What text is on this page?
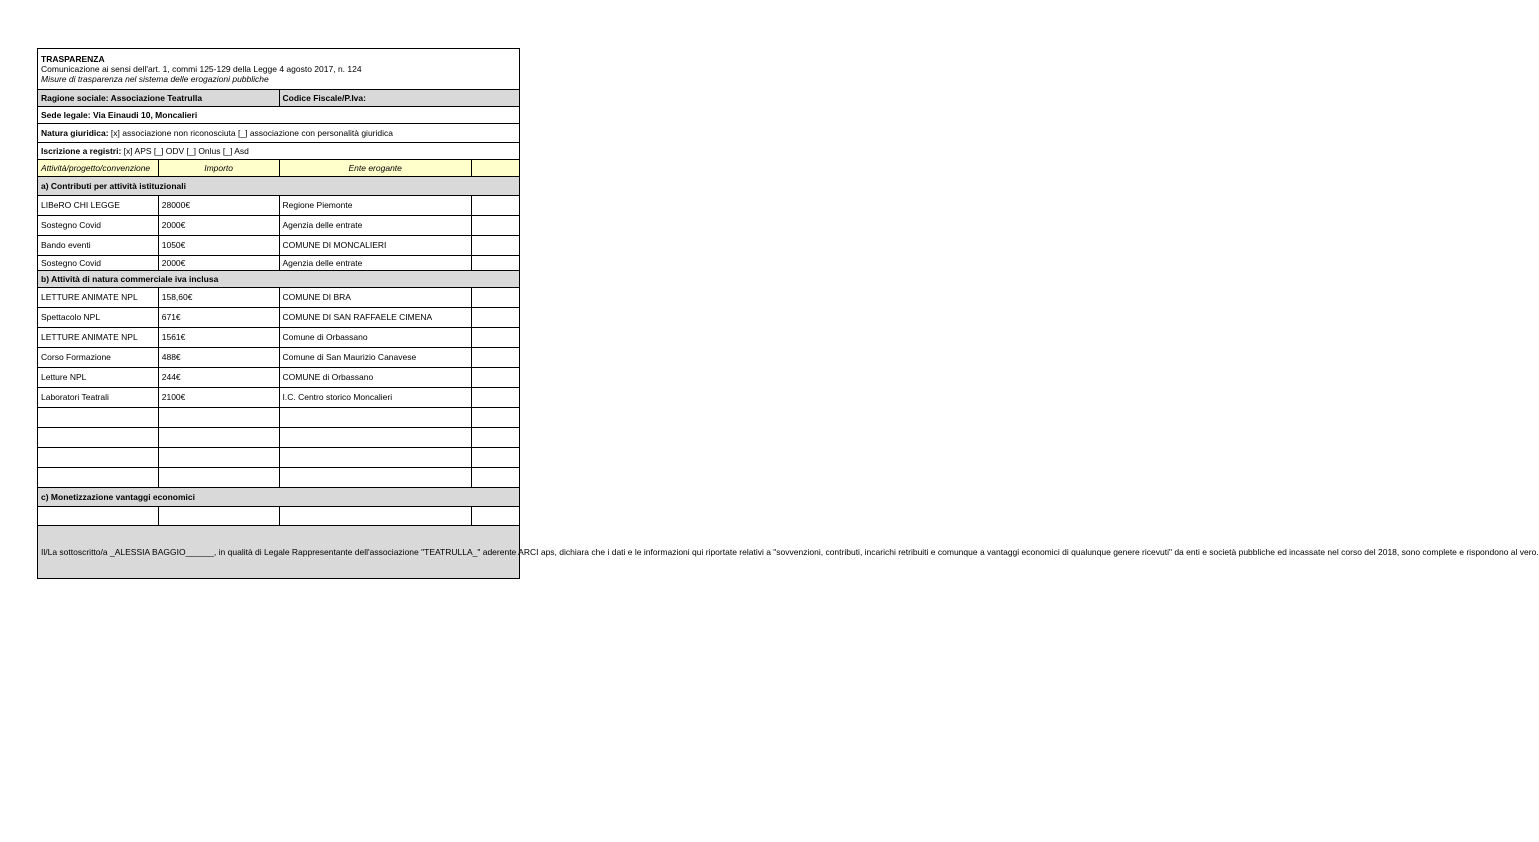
TRASPARENZA
Comunicazione ai sensi dell'art. 1, commi 125-129 della Legge 4 agosto 2017, n. 124
Misure di trasparenza nel sistema delle erogazioni pubbliche			

Ragione sociale: Associazione Teatrulla		Codice Fiscale/P.Iva:	
Sede legale: Via Einaudi 10, Moncalieri			
Natura giuridica: [x] associazione non riconosciuta [_] associazione con personalità giuridica			
Iscrizione a registri: [x] APS [_] ODV [_] Onlus [_] Asd			
Attività/progetto/convenzione	Importo	Ente erogante	
a) Contributi per attività istituzionali			
LIBeRO CHI LEGGE	28000€	Regione Piemonte	
Sostegno Covid	2000€	Agenzia delle entrate	
Bando eventi	1050€	COMUNE DI MONCALIERI	
Sostegno Covid	2000€	Agenzia delle entrate	
b) Attività di natura commerciale iva inclusa			
LETTURE ANIMATE NPL	158,60€	COMUNE DI BRA	
Spettacolo NPL	671€	COMUNE DI SAN RAFFAELE CIMENA	
LETTURE ANIMATE NPL	1561€	Comune di Orbassano	
Corso Formazione	488€	Comune di San Maurizio Canavese	
Letture NPL	244€	COMUNE di Orbassano	
Laboratori Teatrali	2100€	I.C. Centro storico Moncalieri	

c) Monetizzazione vantaggi economici			

Il/La sottoscritto/a _ALESSIA BAGGIO______, in qualità di Legale Rappresentante dell'associazione "TEATRULLA_" aderente ARCI aps, dichiara che i dati e le informazioni qui riportate relativi a "sovvenzioni, contributi, incarichi retribuiti e comunque a vantaggi economici di qualunque genere ricevuti" da enti e società pubbliche ed incassate nel corso del 2018, sono complete e rispondono al vero.			
